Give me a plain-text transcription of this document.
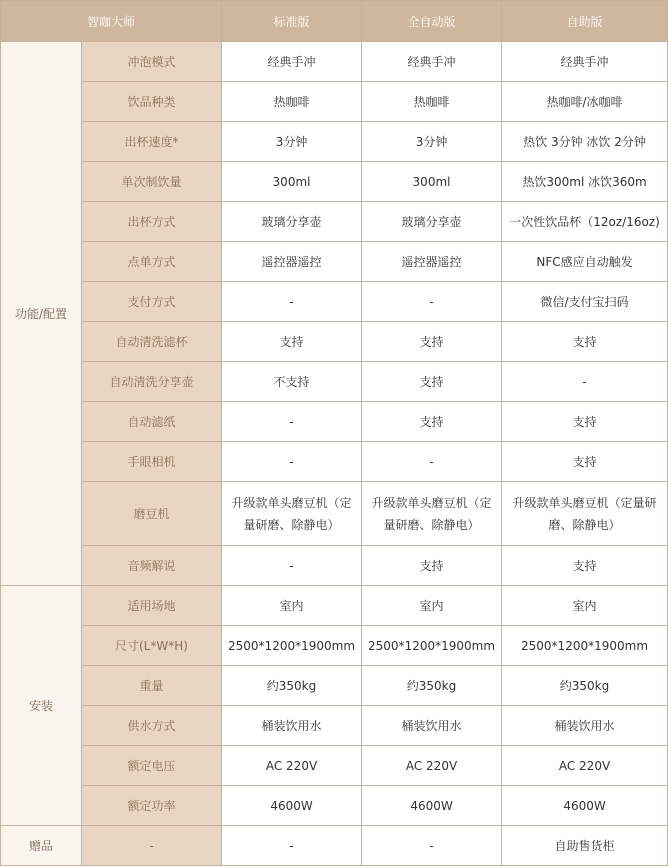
智咖大师		标准版	全自动版	自助版
功能/配置	冲泡模式	经典手冲	经典手冲	经典手冲
	饮品种类	热咖啡	热咖啡	热咖啡/冰咖啡
	出杯速度*	3分钟	3分钟	热饮 3分钟 冰饮 2分钟
	单次制饮量	300ml	300ml	热饮300ml 冰饮360m
	出杯方式	玻璃分享壶	玻璃分享壶	一次性饮品杯（12oz/16oz)
	点单方式	遥控器遥控	遥控器遥控	NFC感应自动触发
	支付方式	-	-	微信/支付宝扫码
	自动清洗滤杯	支持	支持	支持
	自动清洗分享壶	不支持	支持	-
	自动滤纸	-	支持	支持
	手眼相机	-	-	支持
	磨豆机	升级款单头磨豆机（定量研磨、除静电）	升级款单头磨豆机（定量研磨、除静电）	升级款单头磨豆机（定量研磨、除静电）
	音频解说	-	支持	支持
安装	适用场地	室内	室内	室内
	尺寸(L*W*H)	2500*1200*1900mm	2500*1200*1900mm	2500*1200*1900mm
	重量	约350kg	约350kg	约350kg
	供水方式	桶装饮用水	桶装饮用水	桶装饮用水
	额定电压	AC 220V	AC 220V	AC 220V
	额定功率	4600W	4600W	4600W
赠品	-	-	-	自助售货柜
